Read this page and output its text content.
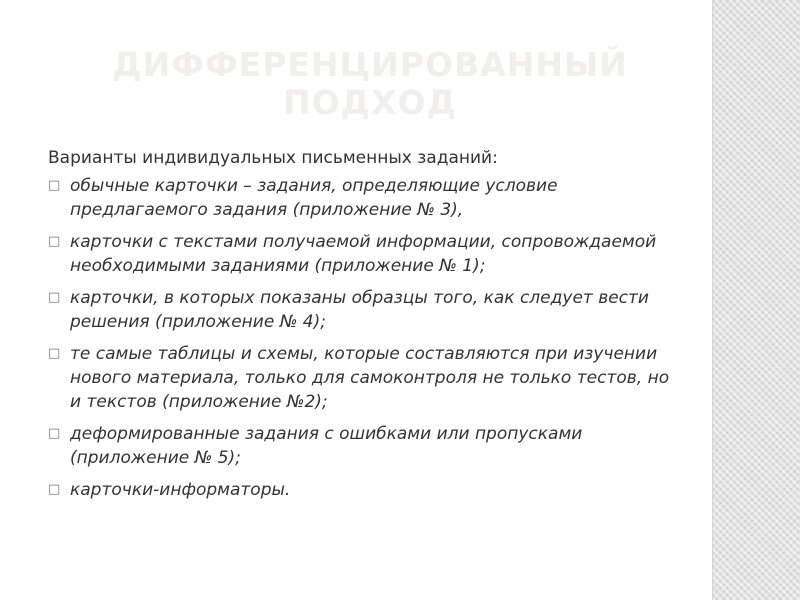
ДИФФЕРЕНЦИРОВАННЫЙ ПОДХОД

Варианты индивидуальных письменных заданий:

□ обычные карточки – задания, определяющие условие предлагаемого задания (приложение № 3),
□ карточки с текстами получаемой информации, сопровождаемой необходимыми заданиями (приложение № 1);
□ карточки, в которых показаны образцы того, как следует вести решения (приложение № 4);
□ те самые таблицы и схемы, которые составляются при изучении нового материала, только для самоконтроля не только тестов, но и текстов (приложение №2);
□ деформированные задания с ошибками или пропусками (приложение № 5);
□ карточки-информаторы.
